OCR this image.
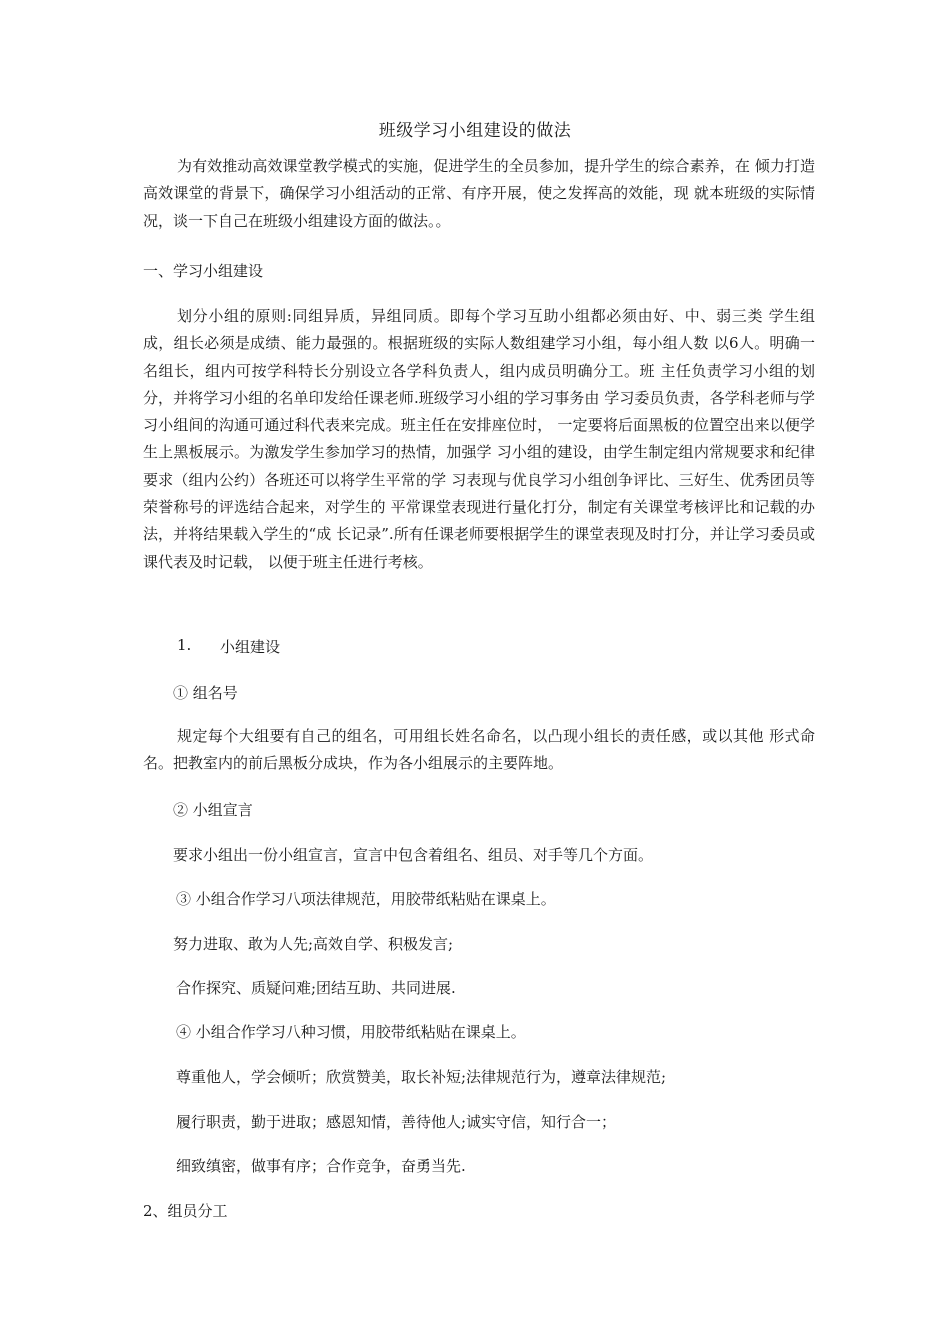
班级学习小组建设的做法

为有效推动高效课堂教学模式的实施，促进学生的全员参加，提升学生的综合素养，在 倾力打造高效课堂的背景下，确保学习小组活动的正常、有序开展，使之发挥高的效能，现 就本班级的实际情况，谈一下自己在班级小组建设方面的做法。。

一、学习小组建设

划分小组的原则:同组异质，异组同质。即每个学习互助小组都必须由好、中、弱三类 学生组成，组长必须是成绩、能力最强的。根据班级的实际人数组建学习小组，每小组人数 以6人。明确一名组长，组内可按学科特长分别设立各学科负责人，组内成员明确分工。班 主任负责学习小组的划分，并将学习小组的名单印发给任课老师.班级学习小组的学习事务由 学习委员负责，各学科老师与学习小组间的沟通可通过科代表来完成。班主任在安排座位时， 一定要将后面黑板的位置空出来以便学生上黑板展示。为激发学生参加学习的热情，加强学 习小组的建设，由学生制定组内常规要求和纪律要求（组内公约）各班还可以将学生平常的学 习表现与优良学习小组创争评比、三好生、优秀团员等荣誉称号的评选结合起来，对学生的 平常课堂表现进行量化打分，制定有关课堂考核评比和记载的办法，并将结果载入学生的“成 长记录”.所有任课老师要根据学生的课堂表现及时打分，并让学习委员或课代表及时记载， 以便于班主任进行考核。

1. 小组建设
① 组名号

规定每个大组要有自己的组名，可用组长姓名命名，以凸现小组长的责任感，或以其他 形式命名。把教室内的前后黑板分成块，作为各小组展示的主要阵地。

② 小组宣言
要求小组出一份小组宣言，宣言中包含着组名、组员、对手等几个方面。
③ 小组合作学习八项法律规范，用胶带纸粘贴在课桌上。
努力进取、敢为人先;高效自学、积极发言;
合作探究、质疑问难;团结互助、共同进展.
④ 小组合作学习八种习惯，用胶带纸粘贴在课桌上。
尊重他人，学会倾听；欣赏赞美，取长补短;法律规范行为，遵章法律规范;
履行职责，勤于进取；感恩知情，善待他人;诚实守信，知行合一；
细致缜密，做事有序；合作竞争，奋勇当先.
2、组员分工
